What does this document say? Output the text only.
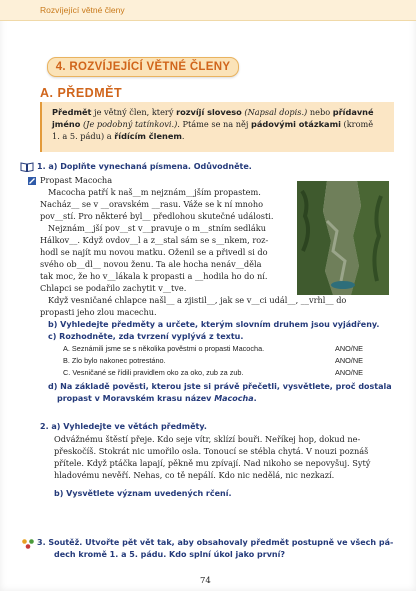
Rozvíjející větné členy
4. ROZVÍJEJÍCÍ VĚTNÉ ČLENY
A. PŘEDMĚT
Předmět je větný člen, který rozvíjí sloveso (Napsal dopis.) nebo přídavné
jméno (Je podobný tatínkovi.). Ptáme se na něj pádovými otázkami (kromě
1. a 5. pádu) a řídícím členem.
1. a) Doplňte vynechaná písmena. Odůvodněte.
Propast Macocha
Macocha patří k naš__m nejznám__jším propastem.
Nacház__ se v __oravském __rasu. Váže se k ní mnoho
pov__stí. Pro některé byl__ předlohou skutečné události.
Nejznám__jší pov__st v__pravuje o m__stním sedláku
Hálkov__. Když ovdov__l a z__stal sám se s__nkem, roz-
hodl se najít mu novou matku. Oženil se a přivedl si do
svého ob__dl__ novou ženu. Ta ale hocha nenáv__děla
tak moc, že ho v__lákala k propasti a __hodila ho do ní.
Chlapci se podařilo zachytit v__tve.
Když vesničané chlapce našl__ a zjistil__, jak se v__ci udál__, __vrhl__ do
propasti jeho zlou macechu.
b) Vyhledejte předměty a určete, kterým slovním druhem jsou vyjádřeny.
c) Rozhodněte, zda tvrzení vyplývá z textu.
A. Seznámili jsme se s několika pověstmi o propasti Macocha.	ANO/NE
B. Zlo bylo nakonec potrestáno.	ANO/NE
C. Vesničané se řídili pravidlem oko za oko, zub za zub.	ANO/NE
d) Na základě pověsti, kterou jste si právě přečetli, vysvětlete, proč dostala
propast v Moravském krasu název Macocha.
2. a) Vyhledejte ve větách předměty.
Odvážnému štěstí přeje. Kdo seje vítr, sklízí bouři. Neříkej hop, dokud ne-
přeskočíš. Stokrát nic umořilo osla. Tonoucí se stébla chytá. V nouzi poznáš
přítele. Když ptáčka lapají, pěkně mu zpívají. Nad nikoho se nepovyšuj. Sytý
hladovému nevěří. Nehas, co tě nepálí. Kdo nic nedělá, nic nezkazí.
b) Vysvětlete význam uvedených rčení.
3. Soutěž. Utvořte pět vět tak, aby obsahovaly předmět postupně ve všech pá-
dech kromě 1. a 5. pádu. Kdo splní úkol jako první?
74
